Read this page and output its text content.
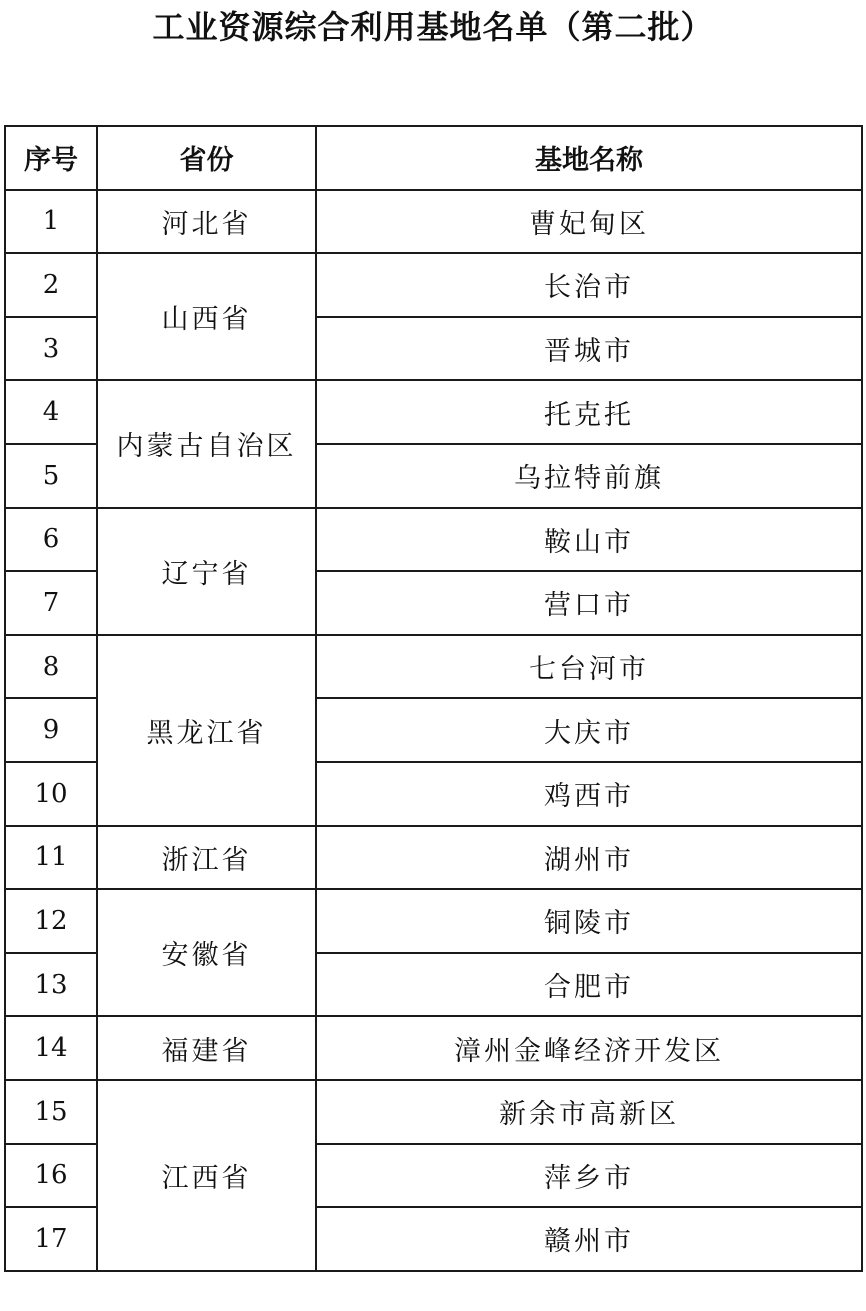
工业资源综合利用基地名单（第二批）
序号	省份	基地名称
1	河北省	曹妃甸区
2	山西省	长治市
3		晋城市
4	内蒙古自治区	托克托
5		乌拉特前旗
6	辽宁省	鞍山市
7		营口市
8	黑龙江省	七台河市
9		大庆市
10		鸡西市
11	浙江省	湖州市
12	安徽省	铜陵市
13		合肥市
14	福建省	漳州金峰经济开发区
15	江西省	新余市高新区
16		萍乡市
17		赣州市
